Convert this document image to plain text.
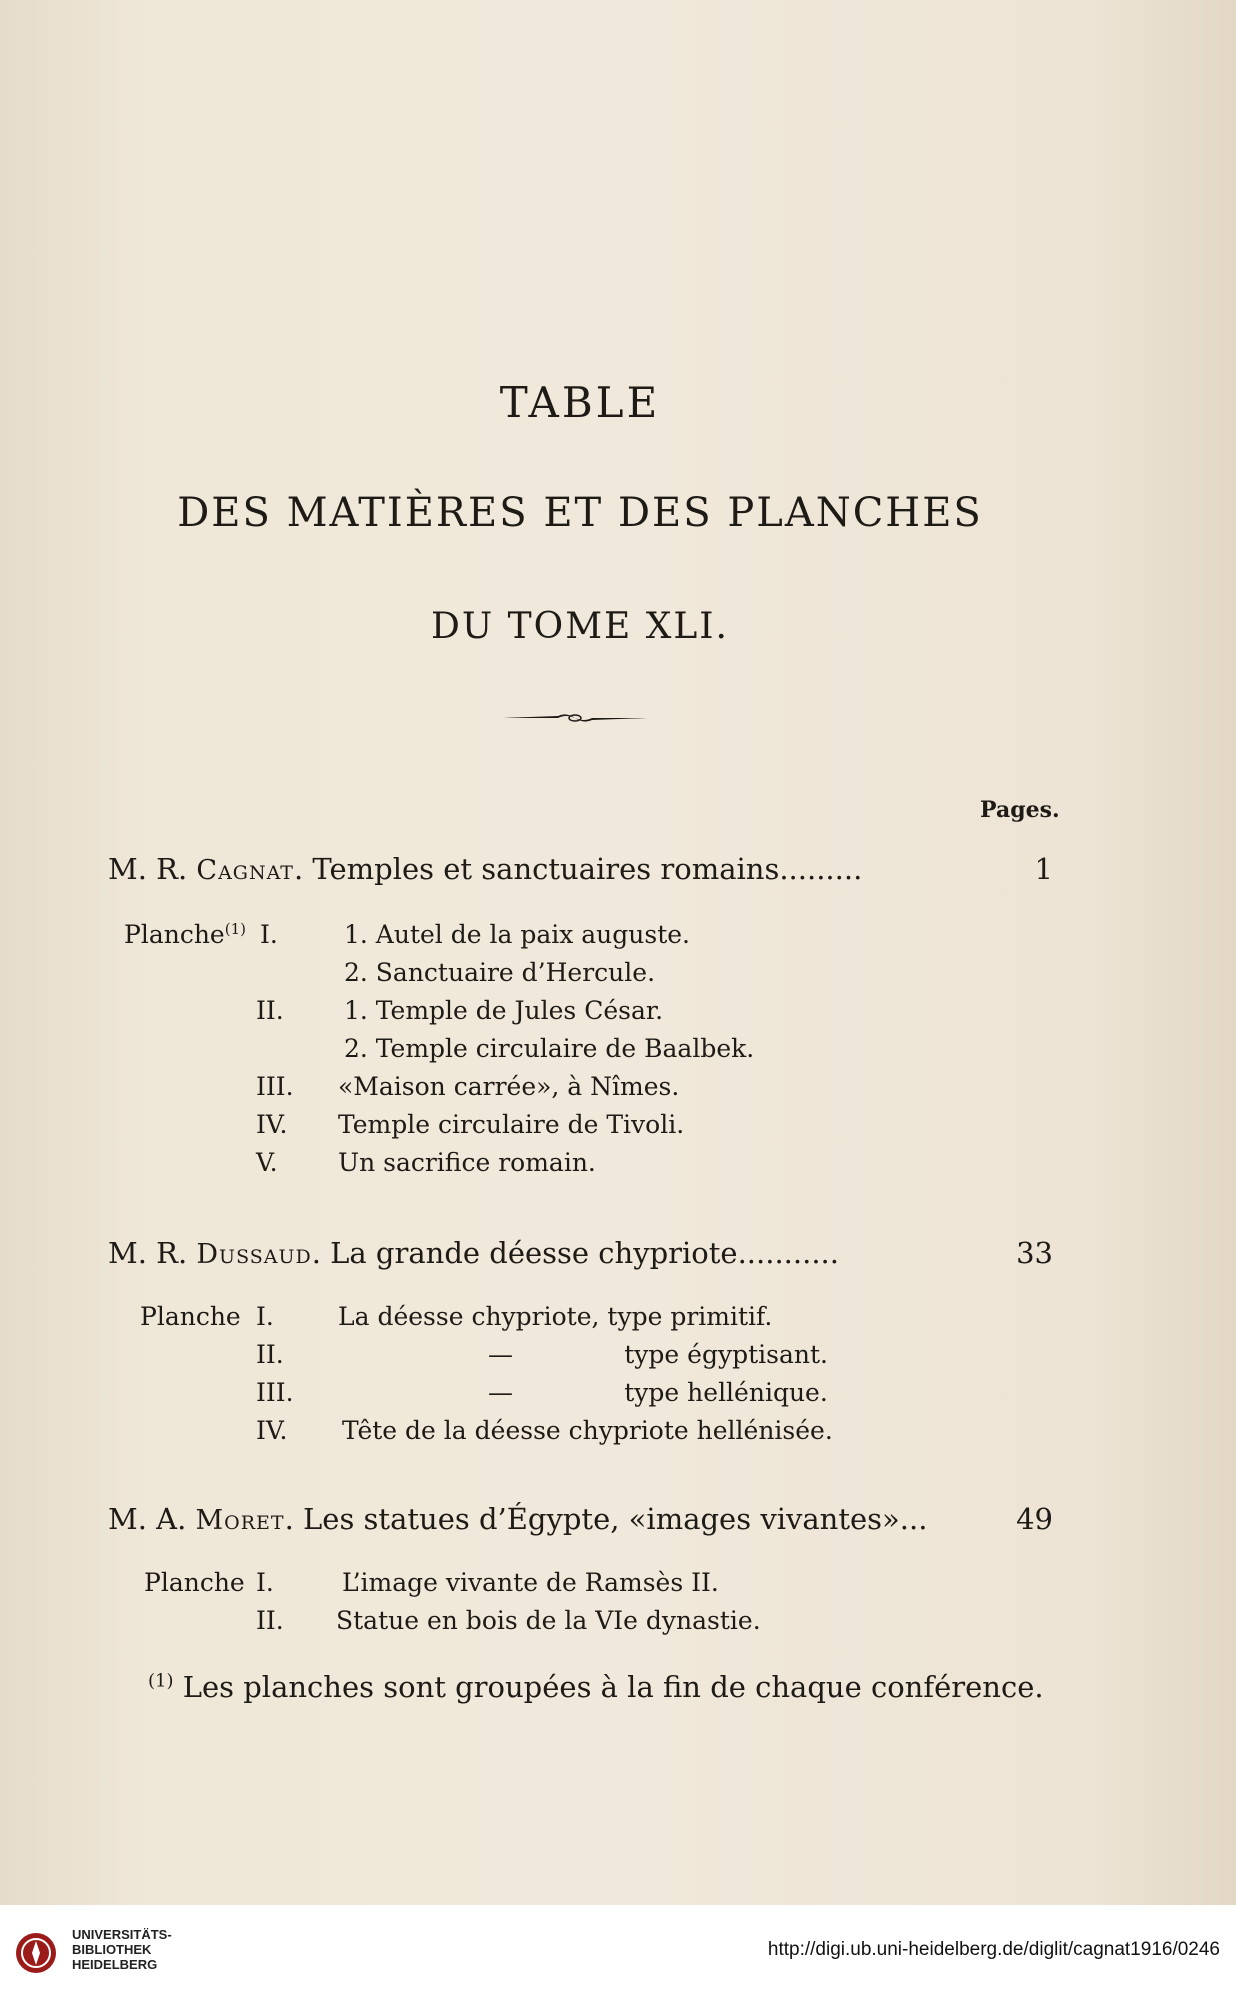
TABLE
DES MATIÈRES ET DES PLANCHES
DU TOME XLI.
Pages.
M. R. Cagnat. Temples et sanctuaires romains.........	1
Planche$^{(1)}$ I.	1. Autel de la paix auguste.
2. Sanctuaire d’Hercule.
II. 1. Temple de Jules César.
2. Temple circulaire de Baalbek.
III. «Maison carrée», à Nîmes.
IV. Temple circulaire de Tivoli.
V. Un sacrifice romain.
M. R. Dussaud. La grande déesse chypriote...........	33
Planche I.	La déesse chypriote, type primitif.
II.	—              type égyptisant.
III.	—              type hellénique.
IV. Tête de la déesse chypriote hellénisée.
M. A. Moret. Les statues d’Égypte, «images vivantes»...	49
Planche I.	L’image vivante de Ramsès II.
II. Statue en bois de la VIe dynastie.
$^{(1)}$ Les planches sont groupées à la fin de chaque conférence.
UNIVERSITÄTS-
BIBLIOTHEK
HEIDELBERG
http://digi.ub.uni-heidelberg.de/diglit/cagnat1916/0246
